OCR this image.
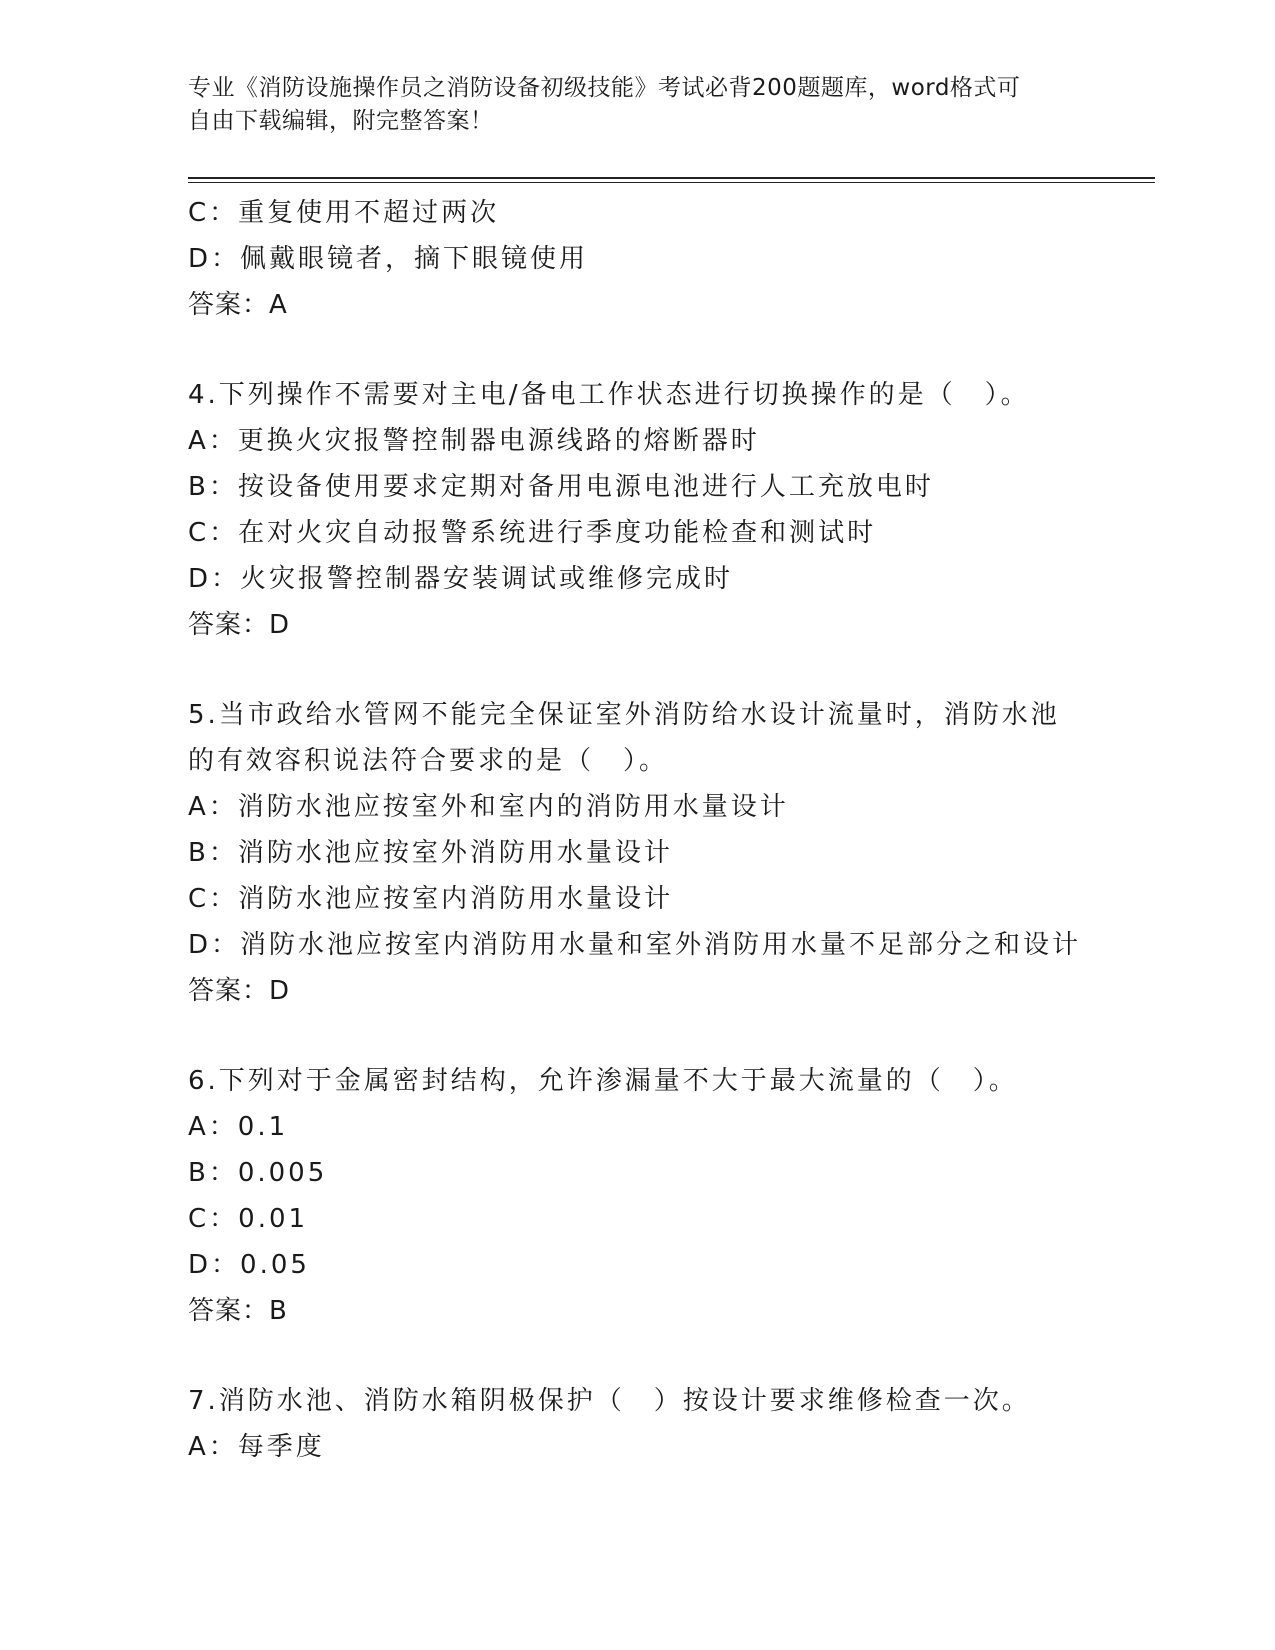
专业《消防设施操作员之消防设备初级技能》考试必背200题题库，word格式可
自由下载编辑，附完整答案！
C：重复使用不超过两次
D：佩戴眼镜者，摘下眼镜使用
答案：A
4.下列操作不需要对主电/备电工作状态进行切换操作的是（　）。
A：更换火灾报警控制器电源线路的熔断器时
B：按设备使用要求定期对备用电源电池进行人工充放电时
C：在对火灾自动报警系统进行季度功能检查和测试时
D：火灾报警控制器安装调试或维修完成时
答案：D
5.当市政给水管网不能完全保证室外消防给水设计流量时，消防水池
的有效容积说法符合要求的是（　）。
A：消防水池应按室外和室内的消防用水量设计
B：消防水池应按室外消防用水量设计
C：消防水池应按室内消防用水量设计
D：消防水池应按室内消防用水量和室外消防用水量不足部分之和设计
答案：D
6.下列对于金属密封结构，允许渗漏量不大于最大流量的（　）。
A：0.1
B：0.005
C：0.01
D：0.05
答案：B
7.消防水池、消防水箱阴极保护（　）按设计要求维修检查一次。
A：每季度
